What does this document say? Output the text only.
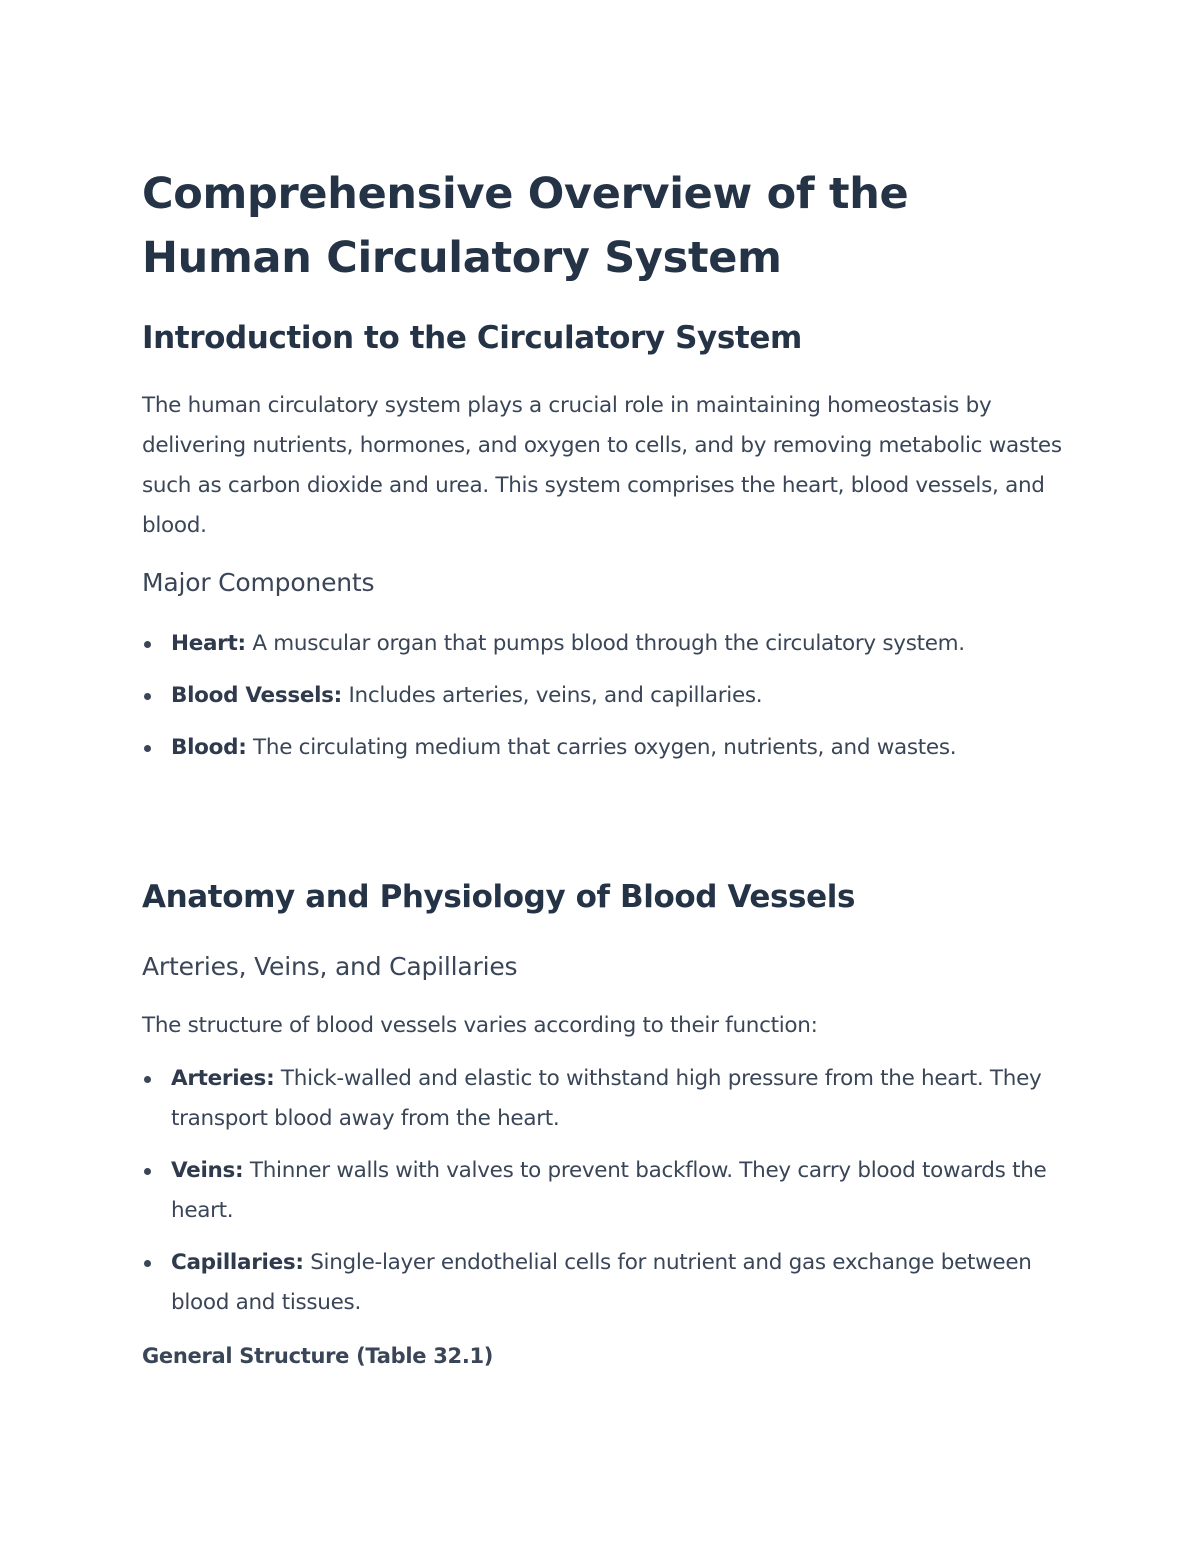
Comprehensive Overview of the Human Circulatory System
Introduction to the Circulatory System

The human circulatory system plays a crucial role in maintaining homeostasis by delivering nutrients, hormones, and oxygen to cells, and by removing metabolic wastes such as carbon dioxide and urea. This system comprises the heart, blood vessels, and blood.

Major Components
Heart: A muscular organ that pumps blood through the circulatory system.
Blood Vessels: Includes arteries, veins, and capillaries.
Blood: The circulating medium that carries oxygen, nutrients, and wastes.
Anatomy and Physiology of Blood Vessels
Arteries, Veins, and Capillaries

The structure of blood vessels varies according to their function:

Arteries: Thick-walled and elastic to withstand high pressure from the heart. They transport blood away from the heart.
Veins: Thinner walls with valves to prevent backflow. They carry blood towards the heart.
Capillaries: Single-layer endothelial cells for nutrient and gas exchange between blood and tissues.
General Structure (Table 32.1)
